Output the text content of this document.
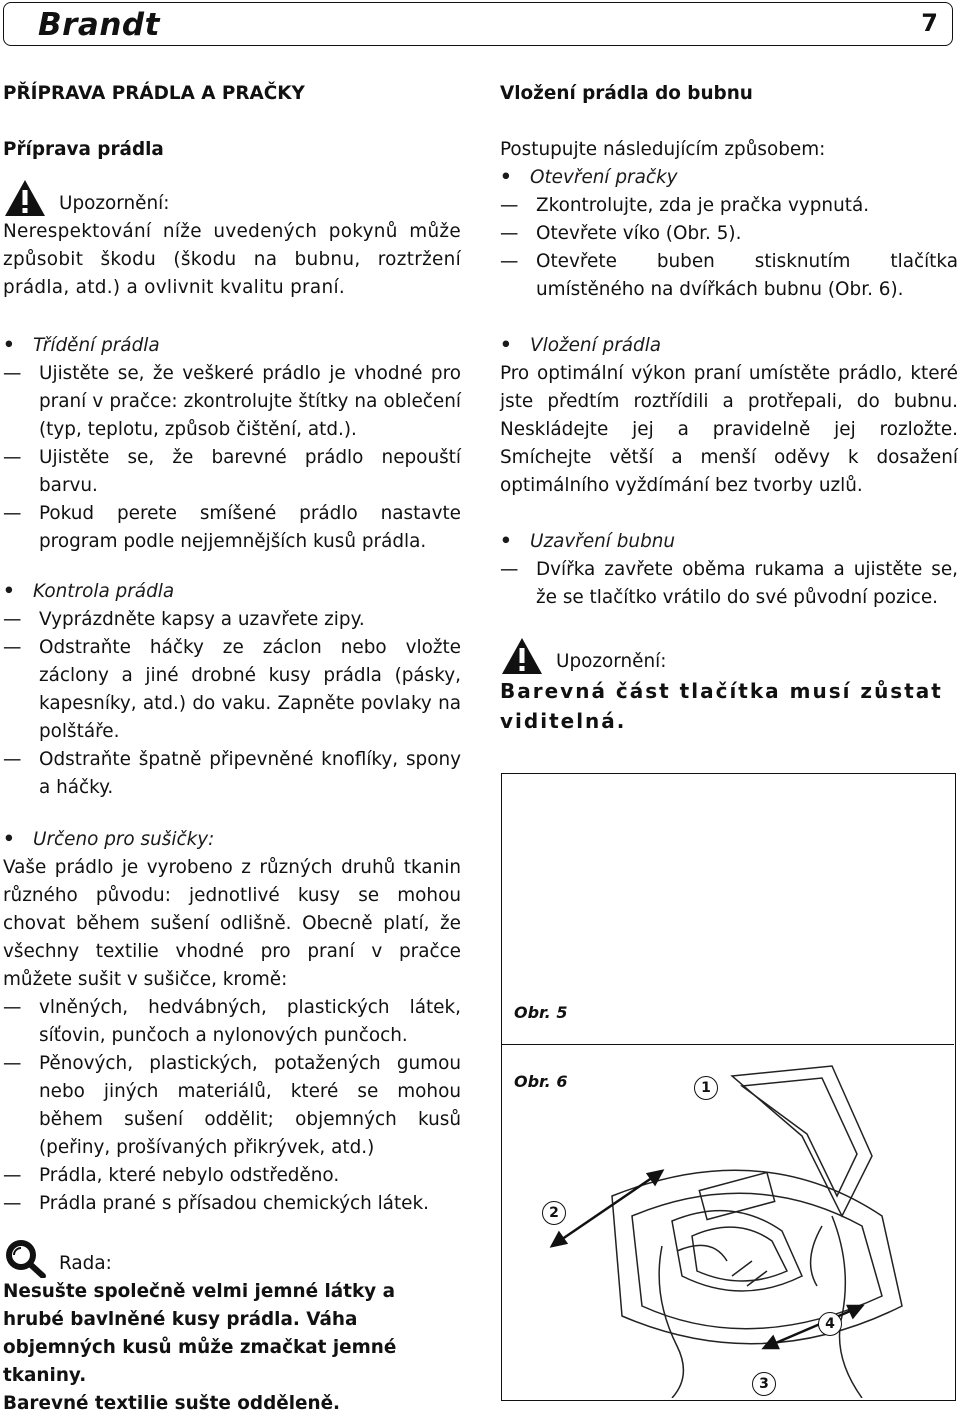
Brandt	7

PŘÍPRAVA PRÁDLA A PRAČKY

Příprava prádla

Upozornění:

Nerespektování níže uvedených pokynů může způsobit škodu (škodu na bubnu, roztržení prádla, atd.) a ovlivnit kvalitu praní.

• Třídění prádla
— Ujistěte se, že veškeré prádlo je vhodné pro praní v pračce: zkontrolujte štítky na oblečení (typ, teplotu, způsob čištění, atd.).
— Ujistěte se, že barevné prádlo nepouští barvu.
— Pokud perete smíšené prádlo nastavte program podle nejjemnějších kusů prádla.
• Kontrola prádla
— Vyprázdněte kapsy a uzavřete zipy.
— Odstraňte háčky ze záclon nebo vložte záclony a jiné drobné kusy prádla (pásky, kapesníky, atd.) do vaku. Zapněte povlaky na polštáře.
— Odstraňte špatně připevněné knoflíky, spony a háčky.
• Určeno pro sušičky:

Vaše prádlo je vyrobeno z různých druhů tkanin různého původu: jednotlivé kusy se mohou chovat během sušení odlišně. Obecně platí, že všechny textilie vhodné pro praní v pračce můžete sušit v sušičce, kromě:

— vlněných, hedvábných, plastických látek, síťovin, punčoch a nylonových punčoch.
— Pěnových, plastických, potažených gumou nebo jiných materiálů, které se mohou během sušení oddělit; objemných kusů (peřiny, prošívaných přikrývek, atd.)
— Prádla, které nebylo odstředěno.
— Prádla prané s přísadou chemických látek.
Rada:

Nesušte společně velmi jemné látky a hrubé bavlněné kusy prádla. Váha objemných kusů může zmačkat jemné tkaniny.

Barevné textilie sušte odděleně.

Vložení prádla do bubnu

Postupujte následujícím způsobem:

• Otevření pračky
— Zkontrolujte, zda je pračka vypnutá.
— Otevřete víko (Obr. 5).
— Otevřete buben stisknutím tlačítka umístěného na dvířkách bubnu (Obr. 6).
• Vložení prádla

Pro optimální výkon praní umístěte prádlo, které jste předtím roztřídili a protřepali, do bubnu. Neskládejte jej a pravidelně jej rozložte. Smíchejte větší a menší oděvy k dosažení optimálního vyždímání bez tvorby uzlů.

• Uzavření bubnu
— Dvířka zavřete oběma rukama a ujistěte se, že se tlačítko vrátilo do své původní pozice.
Upozornění:

Barevná část tlačítka musí zůstat viditelná.

Obr. 5
Obr. 6	1
2
3
4
